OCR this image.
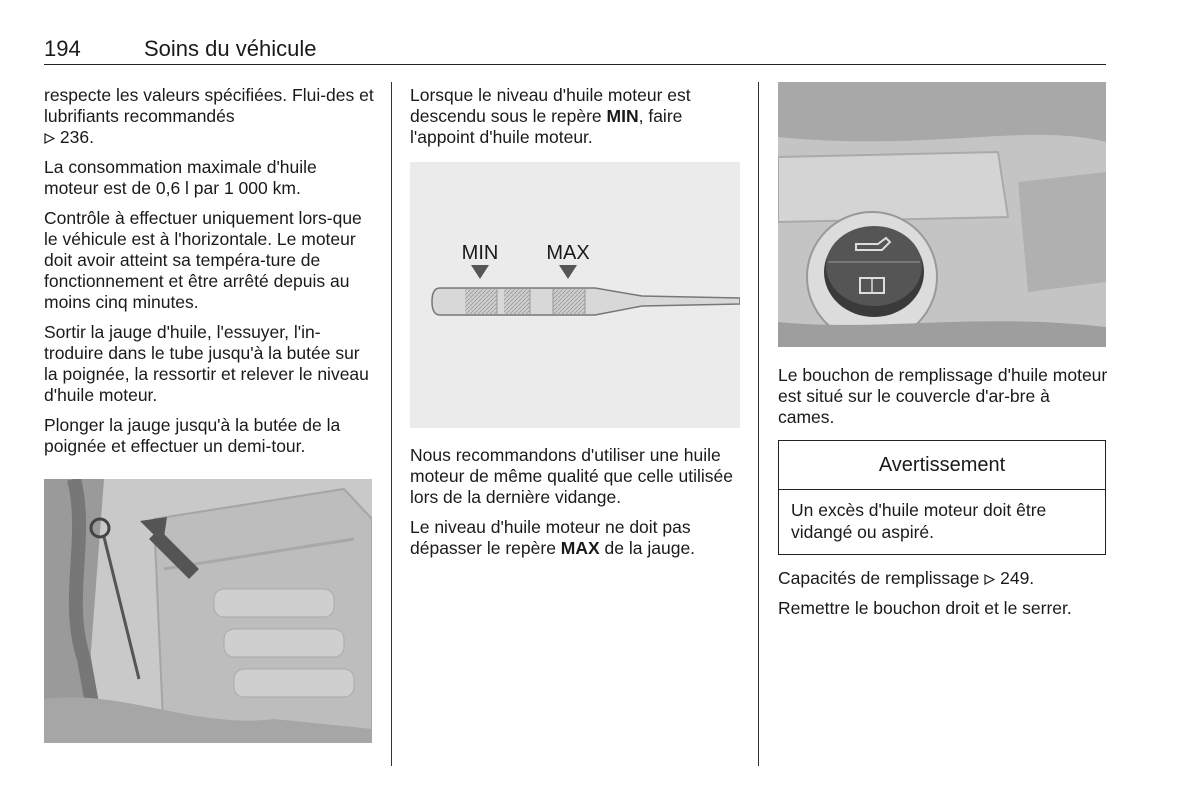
194	Soins du véhicule

respecte les valeurs spécifiées. Flui-des et lubrifiants recommandés
236.

La consommation maximale d'huile moteur est de 0,6 l par 1 000 km.

Contrôle à effectuer uniquement lors-que le véhicule est à l'horizontale. Le moteur doit avoir atteint sa tempéra-ture de fonctionnement et être arrêté depuis au moins cinq minutes.

Sortir la jauge d'huile, l'essuyer, l'in-troduire dans le tube jusqu'à la butée sur la poignée, la ressortir et relever le niveau d'huile moteur.

Plonger la jauge jusqu'à la butée de la poignée et effectuer un demi-tour.

Lorsque le niveau d'huile moteur est descendu sous le repère MIN, faire l'appoint d'huile moteur.

MIN MAX

Nous recommandons d'utiliser une huile moteur de même qualité que celle utilisée lors de la dernière vidange.

Le niveau d'huile moteur ne doit pas dépasser le repère MAX de la jauge.

Le bouchon de remplissage d'huile moteur est situé sur le couvercle d'ar-bre à cames.

Avertissement
Un excès d'huile moteur doit être vidangé ou aspiré.

Capacités de remplissage 249.

Remettre le bouchon droit et le serrer.
